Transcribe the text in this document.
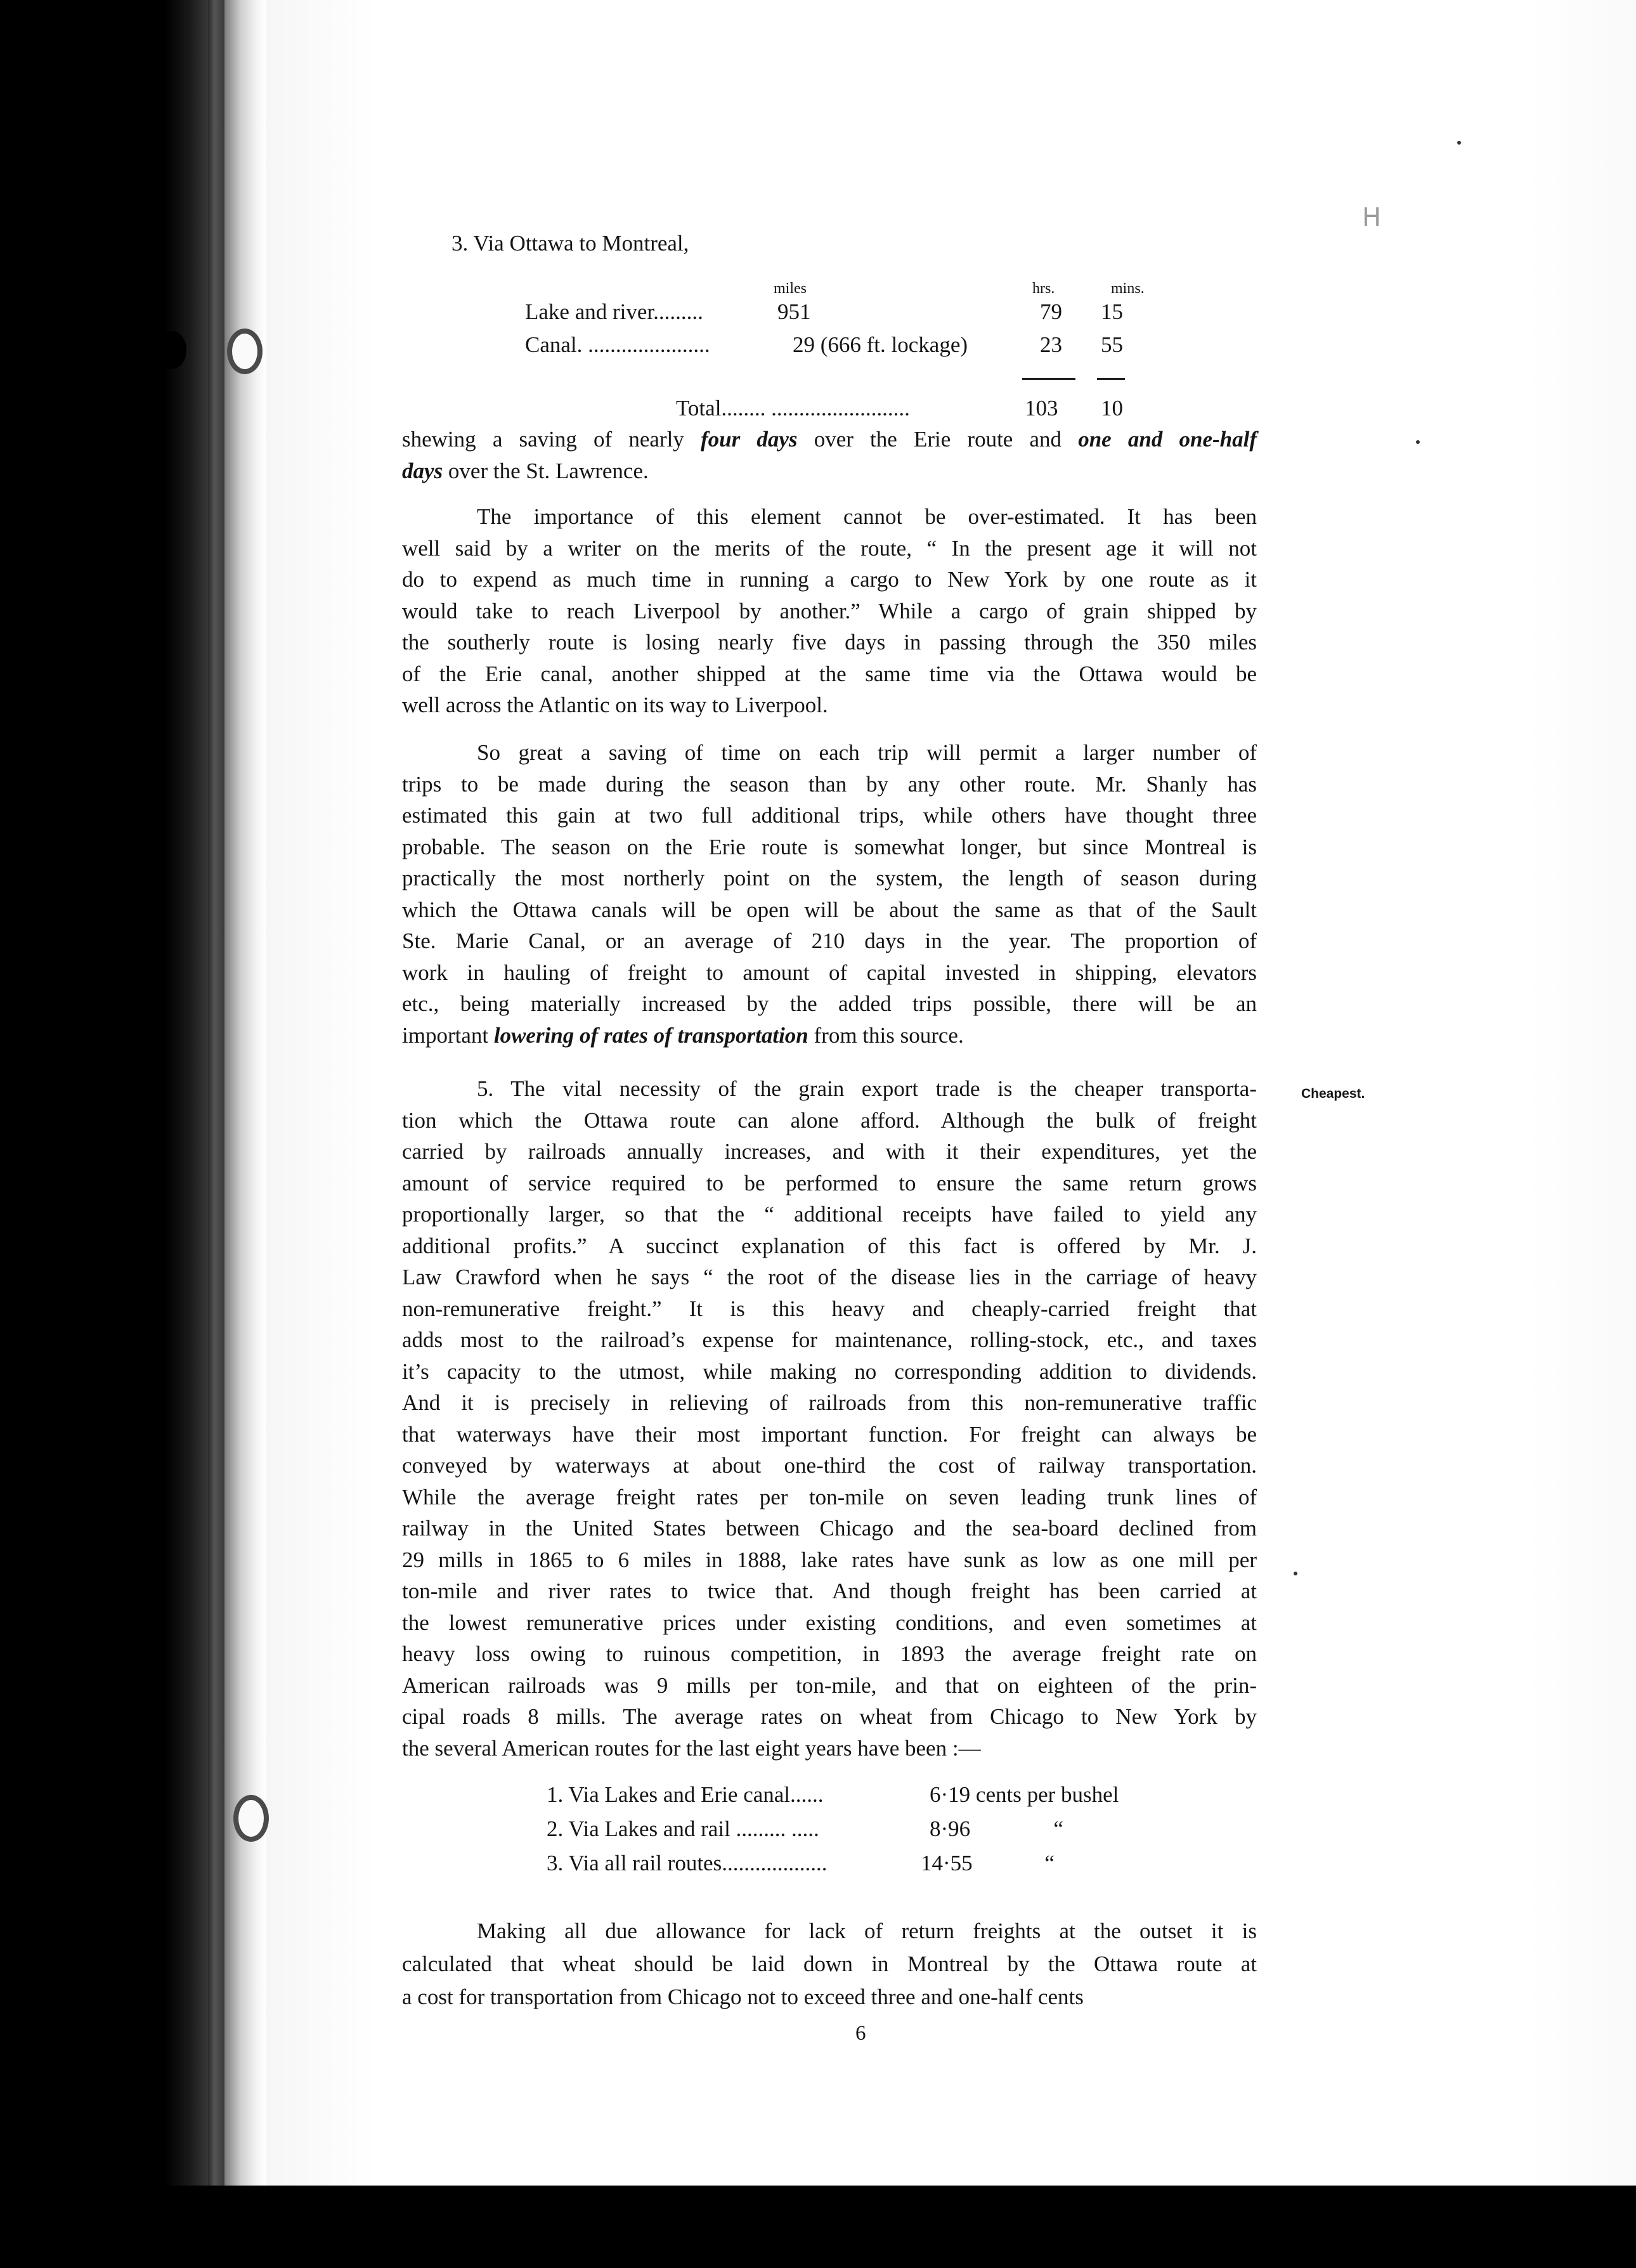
H
3. Via Ottawa to Montreal,
miles	hrs.	mins.
Lake and river.........	951	79 15
Canal. ......................	29 (666 ft. lockage)	23 55
Total........ .........................	103 10
shewing a saving of nearly four days over the Erie route and one and one-half
days over the St. Lawrence.
The importance of this element cannot be over-estimated. It has been
well said by a writer on the merits of the route, “ In the present age it will not
do to expend as much time in running a cargo to New York by one route as it
would take to reach Liverpool by another.” While a cargo of grain shipped by
the southerly route is losing nearly five days in passing through the 350 miles
of the Erie canal, another shipped at the same time via the Ottawa would be
well across the Atlantic on its way to Liverpool.
So great a saving of time on each trip will permit a larger number of
trips to be made during the season than by any other route. Mr. Shanly has
estimated this gain at two full additional trips, while others have thought three
probable. The season on the Erie route is somewhat longer, but since Montreal is
practically the most northerly point on the system, the length of season during
which the Ottawa canals will be open will be about the same as that of the Sault
Ste. Marie Canal, or an average of 210 days in the year. The proportion of
work in hauling of freight to amount of capital invested in shipping, elevators
etc., being materially increased by the added trips possible, there will be an
important lowering of rates of transportation from this source.
5. The vital necessity of the grain export trade is the cheaper transporta-
tion which the Ottawa route can alone afford. Although the bulk of freight
carried by railroads annually increases, and with it their expenditures, yet the
amount of service required to be performed to ensure the same return grows
proportionally larger, so that the “ additional receipts have failed to yield any
additional profits.” A succinct explanation of this fact is offered by Mr. J.
Law Crawford when he says “ the root of the disease lies in the carriage of heavy
non-remunerative freight.” It is this heavy and cheaply-carried freight that
adds most to the railroad’s expense for maintenance, rolling-stock, etc., and taxes
it’s capacity to the utmost, while making no corresponding addition to dividends.
And it is precisely in relieving of railroads from this non-remunerative traffic
that waterways have their most important function. For freight can always be
conveyed by waterways at about one-third the cost of railway transportation.
While the average freight rates per ton-mile on seven leading trunk lines of
railway in the United States between Chicago and the sea-board declined from
29 mills in 1865 to 6 miles in 1888, lake rates have sunk as low as one mill per
ton-mile and river rates to twice that. And though freight has been carried at
the lowest remunerative prices under existing conditions, and even sometimes at
heavy loss owing to ruinous competition, in 1893 the average freight rate on
American railroads was 9 mills per ton-mile, and that on eighteen of the prin-
cipal roads 8 mills. The average rates on wheat from Chicago to New York by
the several American routes for the last eight years have been :—
Cheapest.
1. Via Lakes and Erie canal......	6·19 cents per bushel
2. Via Lakes and rail ......... .....	8·96               “
3. Via all rail routes...................	14·55             “
Making all due allowance for lack of return freights at the outset it is
calculated that wheat should be laid down in Montreal by the Ottawa route at
a cost for transportation from Chicago not to exceed three and one-half cents
6
